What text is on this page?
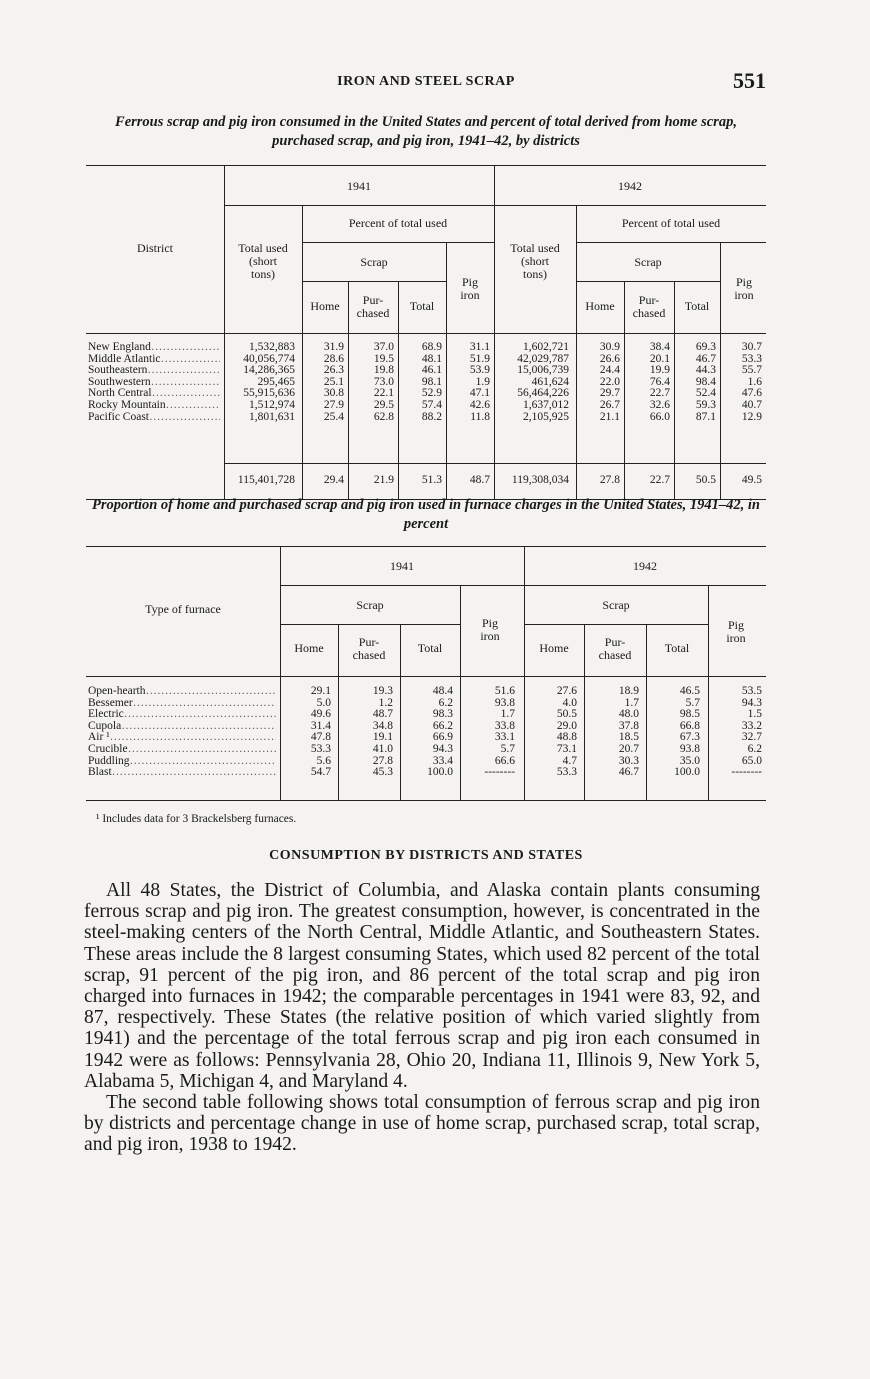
IRON AND STEEL SCRAP	551
Ferrous scrap and pig iron consumed in the United States and percent of total derived from home scrap, purchased scrap, and pig iron, 1941–42, by districts
District
1941	1942
Total used (short tons)
Total used (short tons)
Percent of total used	Percent of total used
Scrap	Scrap
Pig iron
Pig iron
Home	Home
Pur- chased
Pur- chased
Total	Total
New England ……………………………………………………………………………………………………	1,532,883	31.9	37.0	68.9	31.1	1,602,721	30.9	38.4	69.3	30.7
Middle Atlantic ……………………………………………………………………………………………………	40,056,774	28.6	19.5	48.1	51.9	42,029,787	26.6	20.1	46.7	53.3
Southeastern ……………………………………………………………………………………………………	14,286,365	26.3	19.8	46.1	53.9	15,006,739	24.4	19.9	44.3	55.7
Southwestern ……………………………………………………………………………………………………	295,465	25.1	73.0	98.1	1.9	461,624	22.0	76.4	98.4	1.6
North Central ……………………………………………………………………………………………………	55,915,636	30.8	22.1	52.9	47.1	56,464,226	29.7	22.7	52.4	47.6
Rocky Mountain ……………………………………………………………………………………………………	1,512,974	27.9	29.5	57.4	42.6	1,637,012	26.7	32.6	59.3	40.7
Pacific Coast ……………………………………………………………………………………………………	1,801,631	25.4	62.8	88.2	11.8	2,105,925	21.1	66.0	87.1	12.9
115,401,728	29.4	21.9	51.3	48.7	119,308,034	27.8	22.7	50.5	49.5
Proportion of home and purchased scrap and pig iron used in furnace charges in the United States, 1941–42, in percent
Type of furnace
1941	1942
Scrap	Scrap
Pig iron
Pig iron
Home	Home
Pur- chased
Pur- chased
Total	Total
Open-hearth ……………………………………………………………………………………………………	29.1	19.3	48.4	51.6	27.6	18.9	46.5	53.5
Bessemer ……………………………………………………………………………………………………	5.0	1.2	6.2	93.8	4.0	1.7	5.7	94.3
Electric ……………………………………………………………………………………………………	49.6	48.7	98.3	1.7	50.5	48.0	98.5	1.5
Cupola ……………………………………………………………………………………………………	31.4	34.8	66.2	33.8	29.0	37.8	66.8	33.2
Air ¹ ……………………………………………………………………………………………………	47.8	19.1	66.9	33.1	48.8	18.5	67.3	32.7
Crucible ……………………………………………………………………………………………………	53.3	41.0	94.3	5.7	73.1	20.7	93.8	6.2
Puddling ……………………………………………………………………………………………………	5.6	27.8	33.4	66.6	4.7	30.3	35.0	65.0
Blast ……………………………………………………………………………………………………	54.7	45.3	100.0	--------	53.3	46.7	100.0	--------
¹ Includes data for 3 Brackelsberg furnaces.
CONSUMPTION BY DISTRICTS AND STATES

All 48 States, the District of Columbia, and Alaska contain plants consuming ferrous scrap and pig iron. The greatest consumption, however, is concentrated in the steel-making centers of the North Central, Middle Atlantic, and Southeastern States. These areas include the 8 largest consuming States, which used 82 percent of the total scrap, 91 percent of the pig iron, and 86 percent of the total scrap and pig iron charged into furnaces in 1942; the comparable percentages in 1941 were 83, 92, and 87, respectively. These States (the relative position of which varied slightly from 1941) and the percentage of the total ferrous scrap and pig iron each consumed in 1942 were as follows: Pennsylvania 28, Ohio 20, Indiana 11, Illinois 9, New York 5, Alabama 5, Michigan 4, and Maryland 4.

The second table following shows total consumption of ferrous scrap and pig iron by districts and percentage change in use of home scrap, purchased scrap, total scrap, and pig iron, 1938 to 1942.
